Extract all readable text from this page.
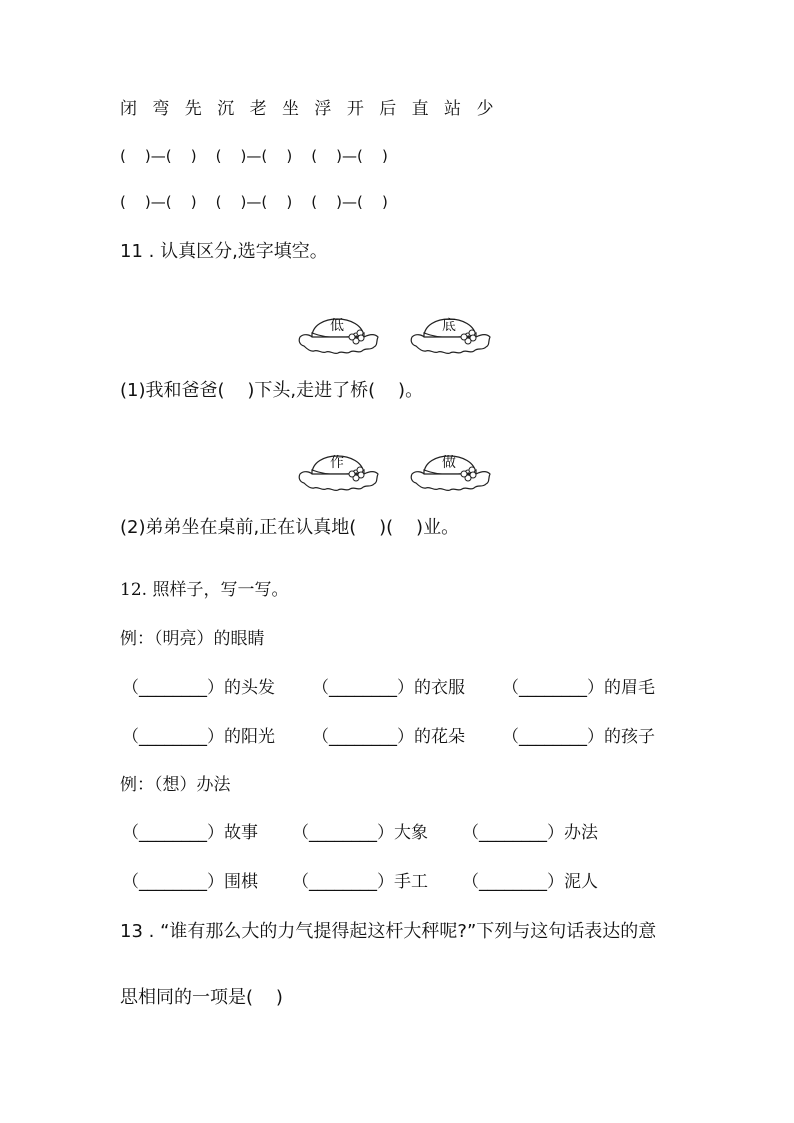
闭 弯 先 沉 老 坐 浮 开 后 直 站 少
(    )—(    )    (    )—(    )    (    )—(    )
(    )—(    )    (    )—(    )    (    )—(    )
11 . 认真区分,选字填空。
低	底
(1)我和爸爸(    )下头,走进了桥(    )。
作	做
(2)弟弟坐在桌前,正在认真地(    )(    )业。
12. 照样子，写一写。
例：（明亮）的眼睛
（________）的头发 （________）的衣服 （________）的眉毛
（________）的阳光 （________）的花朵 （________）的孩子
例：（想）办法
（________）故事 （________）大象 （________）办法
（________）围棋 （________）手工 （________）泥人
13 . “谁有那么大的力气提得起这杆大秤呢?”下列与这句话表达的意
思相同的一项是(    )
